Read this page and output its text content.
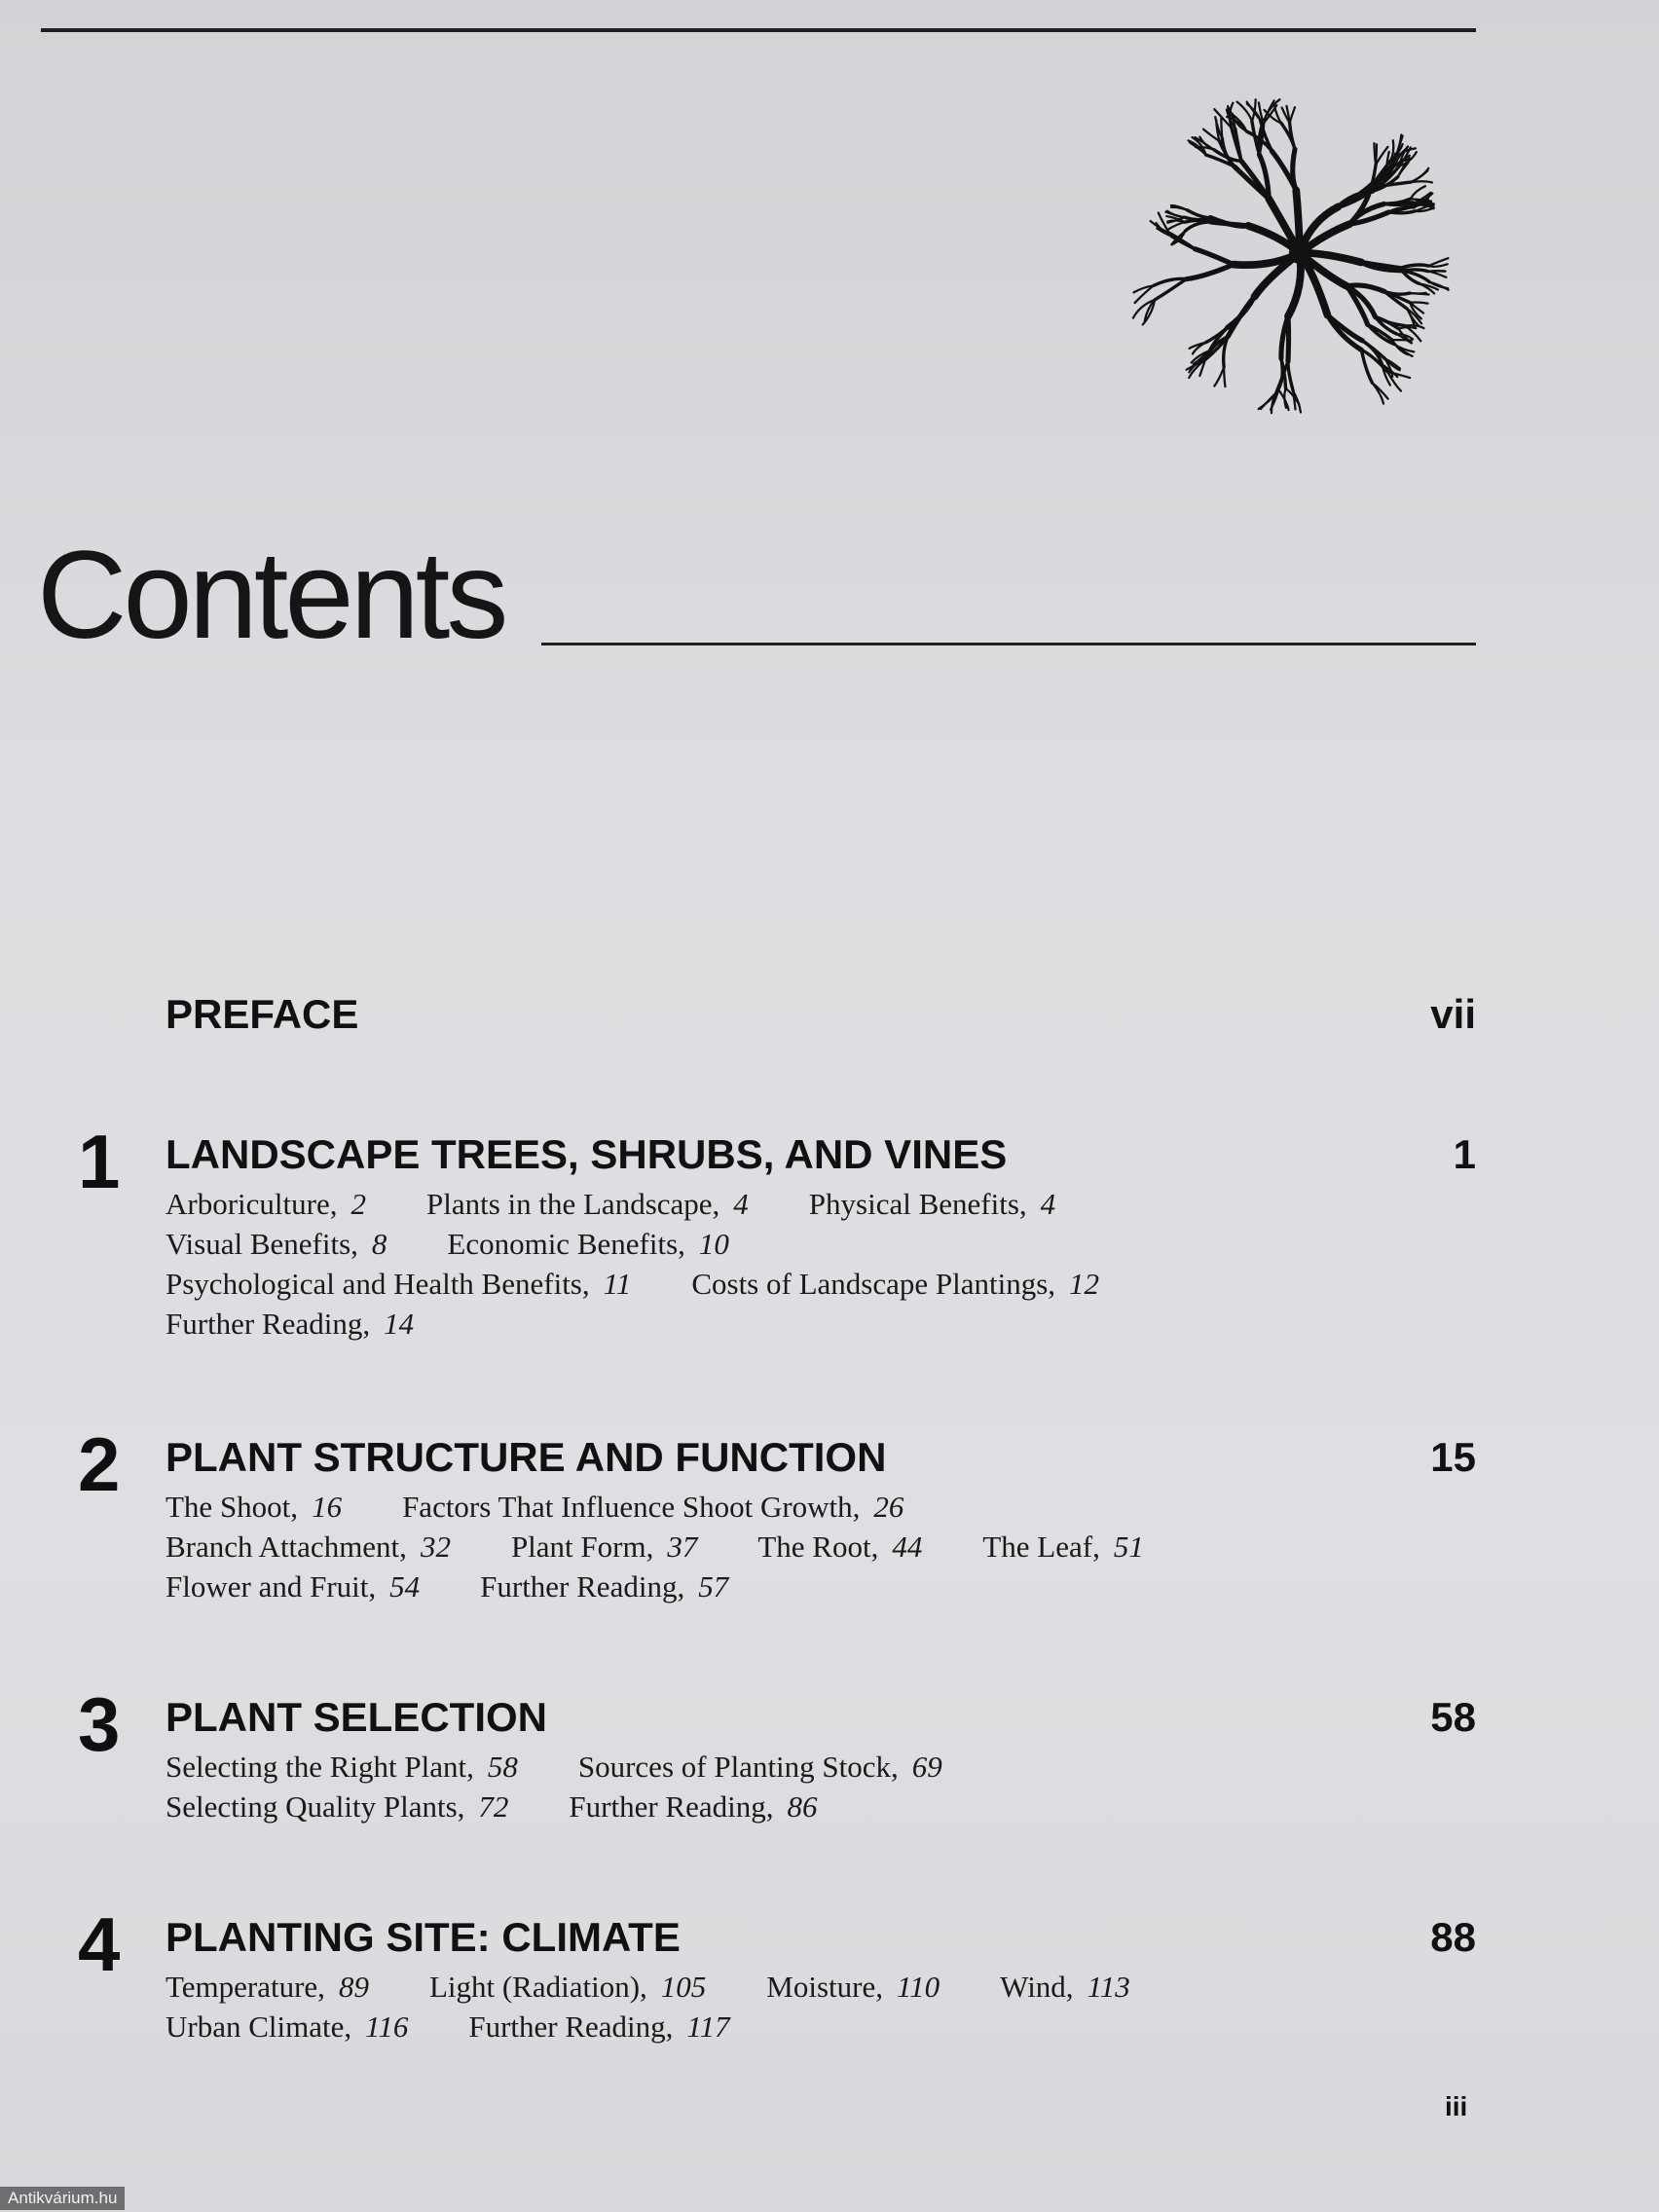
Contents
PREFACE	vii
1 LANDSCAPE TREES, SHRUBS, AND VINES	1
Arboriculture, 2 Plants in the Landscape, 4 Physical Benefits, 4
Visual Benefits, 8 Economic Benefits, 10
Psychological and Health Benefits, 11 Costs of Landscape Plantings, 12
Further Reading, 14
2 PLANT STRUCTURE AND FUNCTION	15
The Shoot, 16 Factors That Influence Shoot Growth, 26
Branch Attachment, 32 Plant Form, 37 The Root, 44 The Leaf, 51
Flower and Fruit, 54 Further Reading, 57
3 PLANT SELECTION	58
Selecting the Right Plant, 58 Sources of Planting Stock, 69
Selecting Quality Plants, 72 Further Reading, 86
4 PLANTING SITE: CLIMATE	88
Temperature, 89 Light (Radiation), 105 Moisture, 110 Wind, 113
Urban Climate, 116 Further Reading, 117
iii
Antikvárium.hu
